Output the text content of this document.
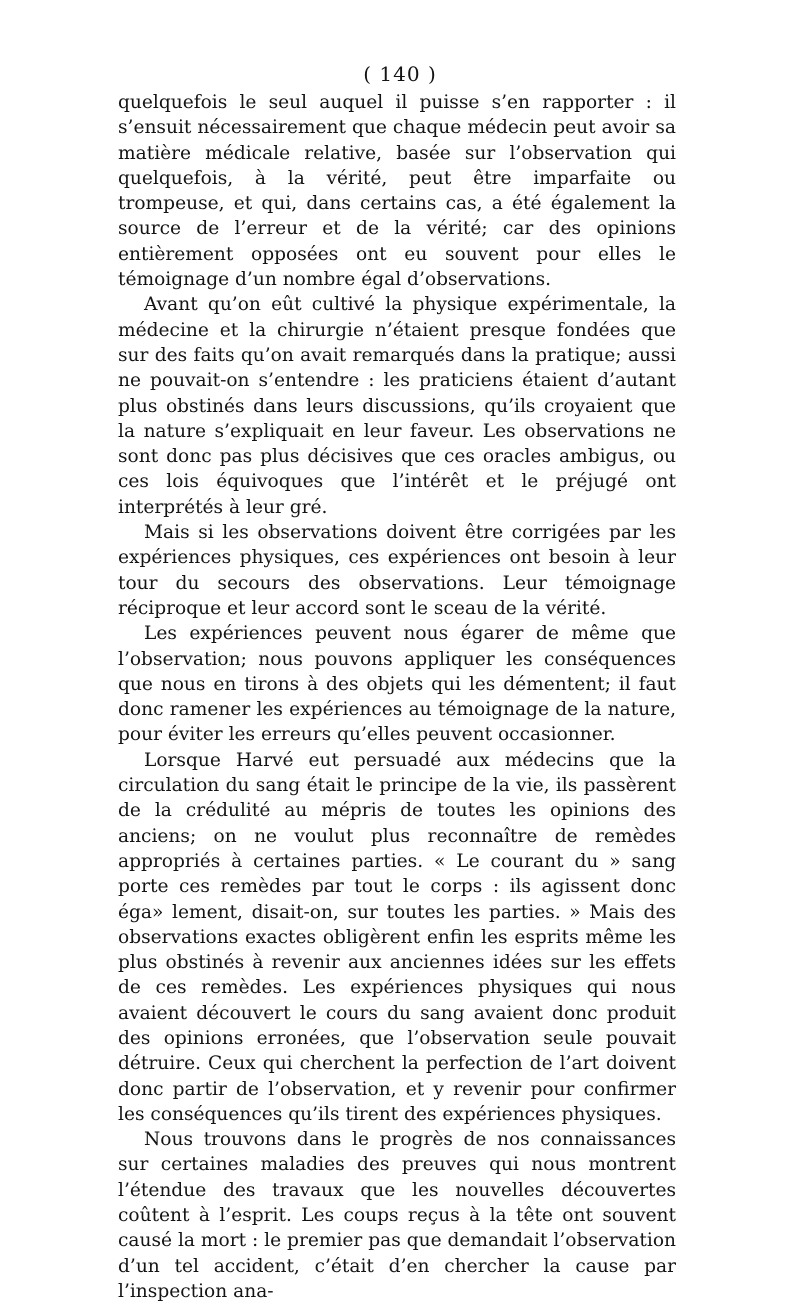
( 140 )

quelquefois le seul auquel il puisse s’en rapporter : il s’ensuit nécessairement que chaque médecin peut avoir sa matière médicale relative, basée sur l’observation qui quelquefois, à la vérité, peut être imparfaite ou trompeuse, et qui, dans certains cas, a été également la source de l’erreur et de la vérité; car des opinions entièrement opposées ont eu souvent pour elles le témoignage d’un nombre égal d’observations.

Avant qu’on eût cultivé la physique expérimentale, la médecine et la chirurgie n’étaient presque fondées que sur des faits qu’on avait remarqués dans la pratique; aussi ne pouvait-on s’entendre : les praticiens étaient d’autant plus obstinés dans leurs discussions, qu’ils croyaient que la nature s’expliquait en leur faveur. Les observations ne sont donc pas plus décisives que ces oracles ambigus, ou ces lois équivoques que l’intérêt et le préjugé ont interprétés à leur gré.

Mais si les observations doivent être corrigées par les expériences physiques, ces expériences ont besoin à leur tour du secours des observations. Leur témoignage réciproque et leur accord sont le sceau de la vérité.

Les expériences peuvent nous égarer de même que l’observation; nous pouvons appliquer les conséquences que nous en tirons à des objets qui les démentent; il faut donc ramener les expériences au témoignage de la nature, pour éviter les erreurs qu’elles peuvent occasionner.

Lorsque Harvé eut persuadé aux médecins que la circulation du sang était le principe de la vie, ils passèrent de la crédulité au mépris de toutes les opinions des anciens; on ne voulut plus reconnaître de remèdes appropriés à certaines parties. « Le courant du » sang porte ces remèdes par tout le corps : ils agissent donc éga» lement, disait-on, sur toutes les parties. » Mais des observations exactes obligèrent enfin les esprits même les plus obstinés à revenir aux anciennes idées sur les effets de ces remèdes. Les expériences physiques qui nous avaient découvert le cours du sang avaient donc produit des opinions erronées, que l’observation seule pouvait détruire. Ceux qui cherchent la perfection de l’art doivent donc partir de l’observation, et y revenir pour confirmer les conséquences qu’ils tirent des expériences physiques.

Nous trouvons dans le progrès de nos connaissances sur certaines maladies des preuves qui nous montrent l’étendue des travaux que les nouvelles découvertes coûtent à l’esprit. Les coups reçus à la tête ont souvent causé la mort : le premier pas que demandait l’observation d’un tel accident, c’était d’en chercher la cause par l’inspection ana-
